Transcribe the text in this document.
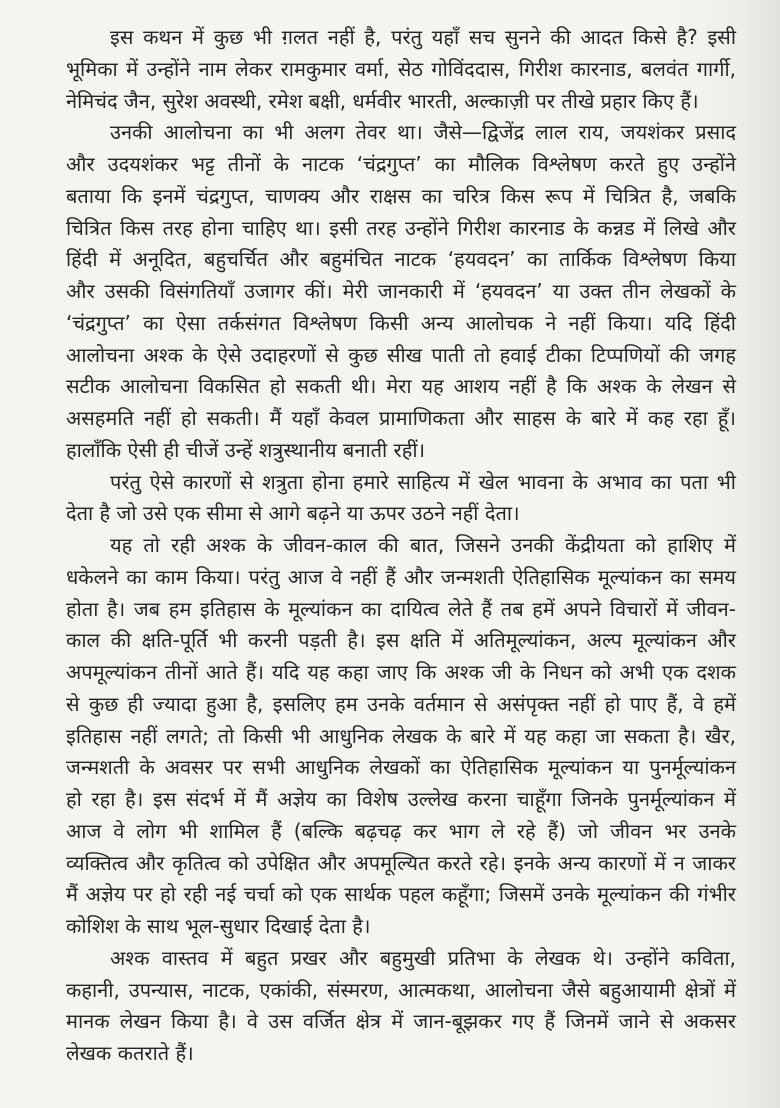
इस कथन में कुछ भी ग़लत नहीं है, परंतु यहाँ सच सुनने की आदत किसे है? इसी
भूमिका में उन्होंने नाम लेकर रामकुमार वर्मा, सेठ गोविंददास, गिरीश कारनाड, बलवंत गार्गी,
नेमिचंद जैन, सुरेश अवस्थी, रमेश बक्षी, धर्मवीर भारती, अल्काज़ी पर तीखे प्रहार किए हैं।
उनकी आलोचना का भी अलग तेवर था। जैसे—द्विजेंद्र लाल राय, जयशंकर प्रसाद
और उदयशंकर भट्ट तीनों के नाटक ‘चंद्रगुप्त’ का मौलिक विश्लेषण करते हुए उन्होंने
बताया कि इनमें चंद्रगुप्त, चाणक्य और राक्षस का चरित्र किस रूप में चित्रित है, जबकि
चित्रित किस तरह होना चाहिए था। इसी तरह उन्होंने गिरीश कारनाड के कन्नड में लिखे और
हिंदी में अनूदित, बहुचर्चित और बहुमंचित नाटक ‘हयवदन’ का तार्किक विश्लेषण किया
और उसकी विसंगतियाँ उजागर कीं। मेरी जानकारी में ‘हयवदन’ या उक्त तीन लेखकों के
‘चंद्रगुप्त’ का ऐसा तर्कसंगत विश्लेषण किसी अन्य आलोचक ने नहीं किया। यदि हिंदी
आलोचना अश्क के ऐसे उदाहरणों से कुछ सीख पाती तो हवाई टीका टिप्पणियों की जगह
सटीक आलोचना विकसित हो सकती थी। मेरा यह आशय नहीं है कि अश्क के लेखन से
असहमति नहीं हो सकती। मैं यहाँ केवल प्रामाणिकता और साहस के बारे में कह रहा हूँ।
हालाँकि ऐसी ही चीजें उन्हें शत्रुस्थानीय बनाती रहीं।
परंतु ऐसे कारणों से शत्रुता होना हमारे साहित्य में खेल भावना के अभाव का पता भी
देता है जो उसे एक सीमा से आगे बढ़ने या ऊपर उठने नहीं देता।
यह तो रही अश्क के जीवन-काल की बात, जिसने उनकी केंद्रीयता को हाशिए में
धकेलने का काम किया। परंतु आज वे नहीं हैं और जन्मशती ऐतिहासिक मूल्यांकन का समय
होता है। जब हम इतिहास के मूल्यांकन का दायित्व लेते हैं तब हमें अपने विचारों में जीवन-
काल की क्षति-पूर्ति भी करनी पड़ती है। इस क्षति में अतिमूल्यांकन, अल्प मूल्यांकन और
अपमूल्यांकन तीनों आते हैं। यदि यह कहा जाए कि अश्क जी के निधन को अभी एक दशक
से कुछ ही ज्यादा हुआ है, इसलिए हम उनके वर्तमान से असंपृक्त नहीं हो पाए हैं, वे हमें
इतिहास नहीं लगते; तो किसी भी आधुनिक लेखक के बारे में यह कहा जा सकता है। खैर,
जन्मशती के अवसर पर सभी आधुनिक लेखकों का ऐतिहासिक मूल्यांकन या पुनर्मूल्यांकन
हो रहा है। इस संदर्भ में मैं अज्ञेय का विशेष उल्लेख करना चाहूँगा जिनके पुनर्मूल्यांकन में
आज वे लोग भी शामिल हैं (बल्कि बढ़चढ़ कर भाग ले रहे हैं) जो जीवन भर उनके
व्यक्तित्व और कृतित्व को उपेक्षित और अपमूल्यित करते रहे। इनके अन्य कारणों में न जाकर
मैं अज्ञेय पर हो रही नई चर्चा को एक सार्थक पहल कहूँगा; जिसमें उनके मूल्यांकन की गंभीर
कोशिश के साथ भूल-सुधार दिखाई देता है।
अश्क वास्तव में बहुत प्रखर और बहुमुखी प्रतिभा के लेखक थे। उन्होंने कविता,
कहानी, उपन्यास, नाटक, एकांकी, संस्मरण, आत्मकथा, आलोचना जैसे बहुआयामी क्षेत्रों में
मानक लेखन किया है। वे उस वर्जित क्षेत्र में जान-बूझकर गए हैं जिनमें जाने से अकसर
लेखक कतराते हैं।
